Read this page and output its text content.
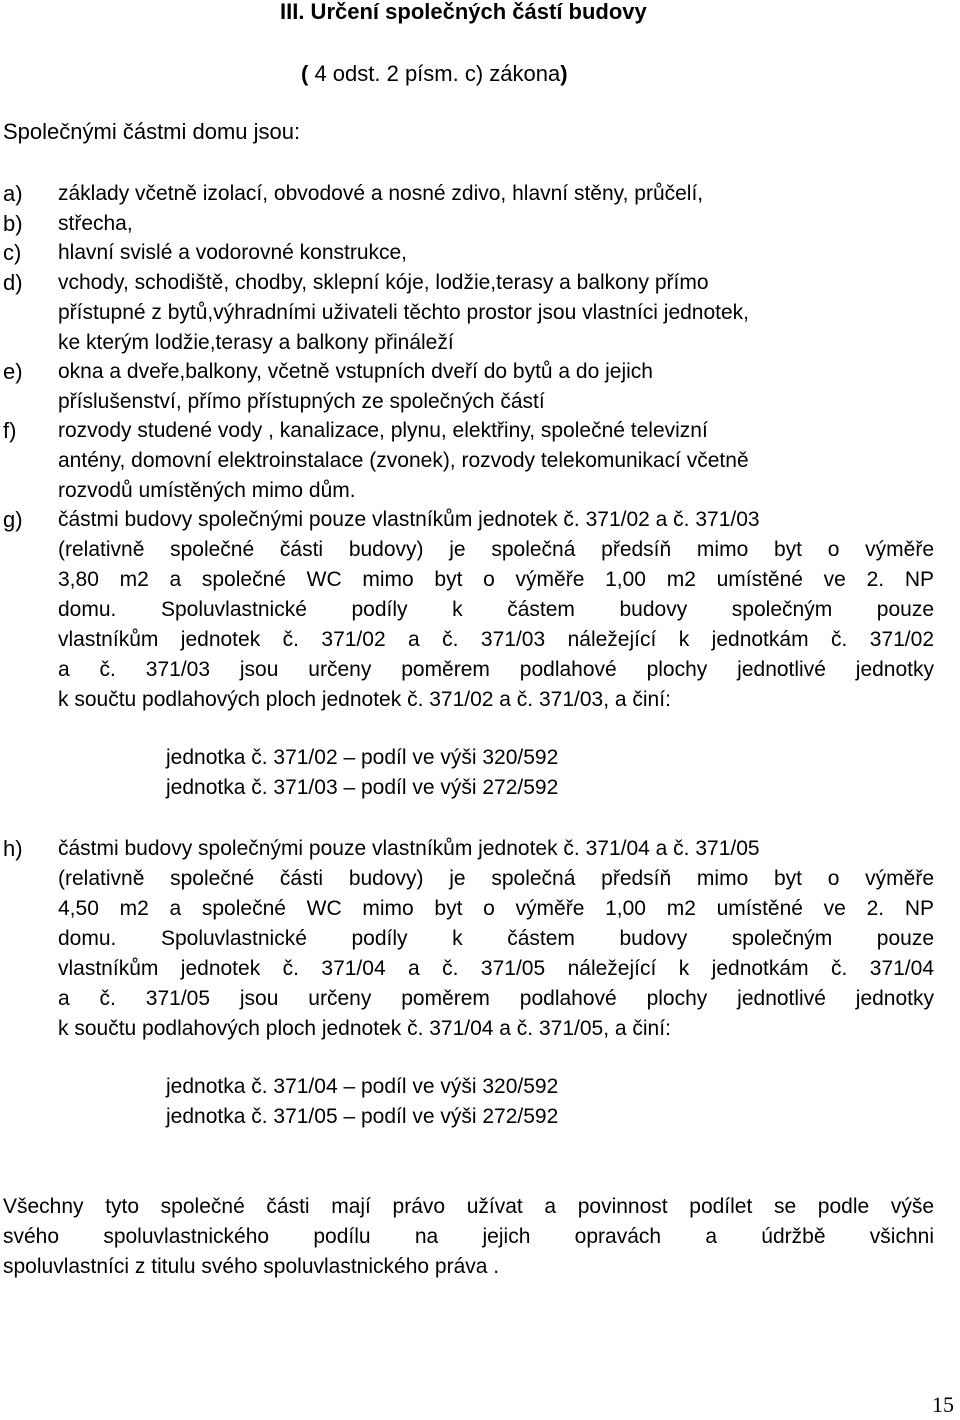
III. Určení společných částí budovy
( 4 odst. 2 písm. c) zákona)
Společnými částmi domu jsou:
a)	základy včetně izolací, obvodové a nosné zdivo, hlavní stěny, průčelí,
b)	střecha,
c)	hlavní svislé a vodorovné konstrukce,
d)	vchody, schodiště, chodby, sklepní kóje, lodžie,terasy a balkony přímo
přístupné z bytů,výhradními uživateli těchto prostor jsou vlastníci jednotek,
ke kterým lodžie,terasy a balkony přináleží
e)	okna a dveře,balkony, včetně vstupních dveří do bytů a do jejich
příslušenství, přímo přístupných ze společných částí
f)	rozvody studené vody , kanalizace, plynu, elektřiny, společné televizní
antény, domovní elektroinstalace (zvonek), rozvody telekomunikací včetně
rozvodů umístěných mimo dům.
g)	částmi budovy společnými pouze vlastníkům jednotek č. 371/02 a č. 371/03
(relativně společné části budovy) je společná předsíň mimo byt o výměře
3,80 m2 a společné WC mimo byt o výměře 1,00 m2 umístěné ve 2. NP
domu. Spoluvlastnické podíly k částem budovy společným pouze
vlastníkům jednotek č. 371/02 a č. 371/03 náležející k jednotkám č. 371/02
a č. 371/03 jsou určeny poměrem podlahové plochy jednotlivé jednotky
k součtu podlahových ploch jednotek č. 371/02 a č. 371/03, a činí:
jednotka č. 371/02 – podíl ve výši 320/592
jednotka č. 371/03 – podíl ve výši 272/592
h)	částmi budovy společnými pouze vlastníkům jednotek č. 371/04 a č. 371/05
(relativně společné části budovy) je společná předsíň mimo byt o výměře
4,50 m2 a společné WC mimo byt o výměře 1,00 m2 umístěné ve 2. NP
domu. Spoluvlastnické podíly k částem budovy společným pouze
vlastníkům jednotek č. 371/04 a č. 371/05 náležející k jednotkám č. 371/04
a č. 371/05 jsou určeny poměrem podlahové plochy jednotlivé jednotky
k součtu podlahových ploch jednotek č. 371/04 a č. 371/05, a činí:
jednotka č. 371/04 – podíl ve výši 320/592
jednotka č. 371/05 – podíl ve výši 272/592
Všechny tyto společné části mají právo užívat a povinnost podílet se podle výše
svého spoluvlastnického podílu na jejich opravách a údržbě všichni
spoluvlastníci z titulu svého spoluvlastnického práva .
15
